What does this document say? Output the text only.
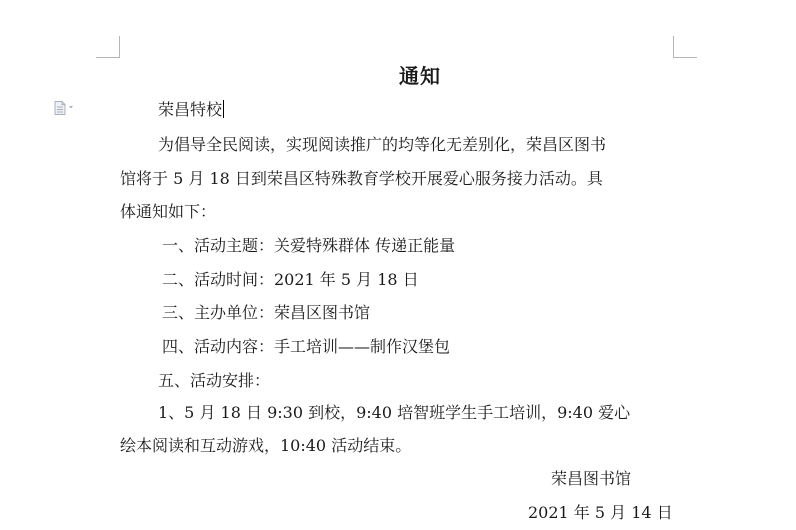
通知
荣昌特校
为倡导全民阅读，实现阅读推广的均等化无差别化，荣昌区图书
馆将于 5 月 18 日到荣昌区特殊教育学校开展爱心服务接力活动。具
体通知如下：
一、活动主题：关爱特殊群体 传递正能量
二、活动时间：2021 年 5 月 18 日
三、主办单位：荣昌区图书馆
四、活动内容：手工培训——制作汉堡包
五、活动安排：
1、5 月 18 日 9:30 到校，9:40 培智班学生手工培训，9:40 爱心
绘本阅读和互动游戏，10:40 活动结束。
荣昌图书馆
2021 年 5 月 14 日
